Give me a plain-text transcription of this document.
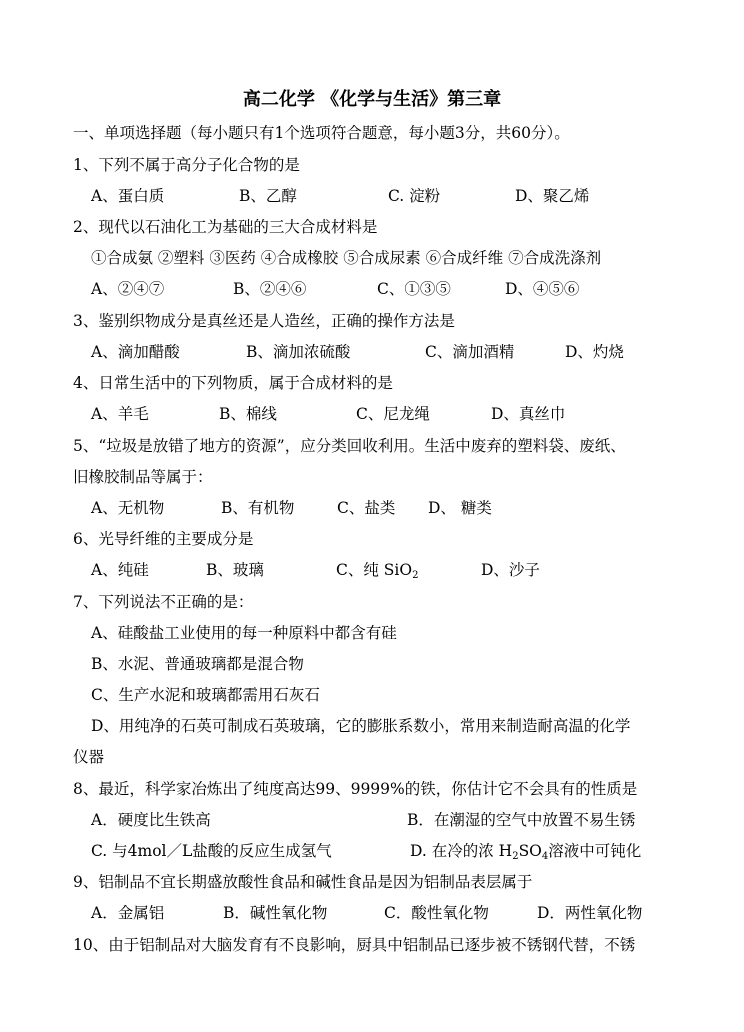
高二化学 《化学与生活》第三章
一、单项选择题（每小题只有1个选项符合题意，每小题3分，共60分）。
1、下列不属于高分子化合物的是
A、蛋白质	B、乙醇	C. 淀粉	D、聚乙烯
2、现代以石油化工为基础的三大合成材料是
①合成氨 ②塑料 ③医药 ④合成橡胶 ⑤合成尿素 ⑥合成纤维 ⑦合成洗涤剂
A、②④⑦	B、②④⑥	C、①③⑤	D、④⑤⑥
3、鉴别织物成分是真丝还是人造丝，正确的操作方法是
A、滴加醋酸	B、滴加浓硫酸	C、滴加酒精	D、灼烧
4、日常生活中的下列物质，属于合成材料的是
A、羊毛	B、棉线	C、尼龙绳	D、真丝巾
5、“垃圾是放错了地方的资源”，应分类回收利用。生活中废弃的塑料袋、废纸、
旧橡胶制品等属于：
A、无机物	B、有机物	C、盐类 D、 糖类
6、光导纤维的主要成分是
A、纯硅	B、玻璃	C、纯 SiO$_2$	D、沙子
7、下列说法不正确的是：
A、硅酸盐工业使用的每一种原料中都含有硅
B、水泥、普通玻璃都是混合物
C、生产水泥和玻璃都需用石灰石
D、用纯净的石英可制成石英玻璃，它的膨胀系数小，常用来制造耐高温的化学
仪器
8、最近，科学家冶炼出了纯度高达99、9999%的铁，你估计它不会具有的性质是
A．硬度比生铁高	B．在潮湿的空气中放置不易生锈
C. 与4mol／L盐酸的反应生成氢气	D. 在冷的浓 $H_2SO_4$溶液中可钝化
9、铝制品不宜长期盛放酸性食品和碱性食品是因为铝制品表层属于
A．金属铝	B．碱性氧化物	C．酸性氧化物	D．两性氧化物
10、由于铝制品对大脑发育有不良影响，厨具中铝制品已逐步被不锈钢代替，不锈
